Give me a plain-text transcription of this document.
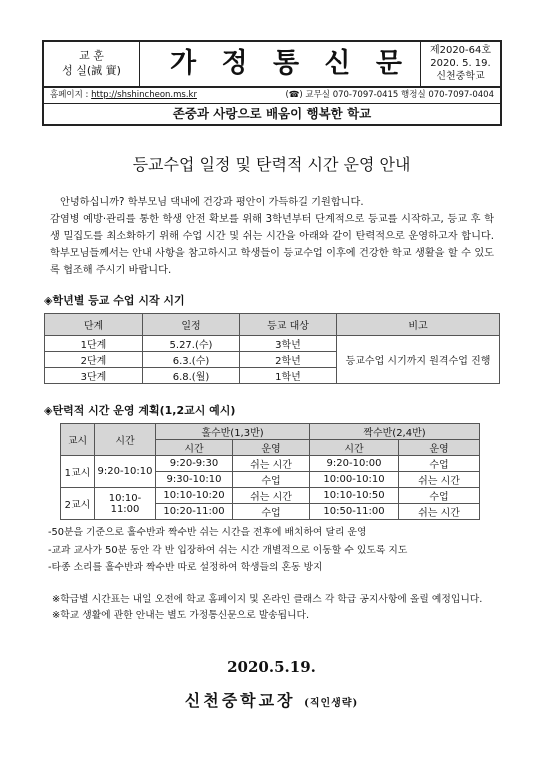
교 훈
성 실(誠 實)	가 정 통 신 문	제2020-64호
2020. 5. 19.
신천중학교
홈페이지 : http://shshincheon.ms.kr	(☎) 교무실 070-7097-0415 행정실 070-7097-0404
존중과 사랑으로 배움이 행복한 학교
등교수업 일정 및 탄력적 시간 운영 안내
안녕하십니까? 학부모님 댁내에 건강과 평안이 가득하길 기원합니다.
감염병 예방·관리를 통한 학생 안전 확보를 위해 3학년부터 단계적으로 등교를 시작하고, 등교 후 학생 밀집도를 최소화하기 위해 수업 시간 및 쉬는 시간을 아래와 같이 탄력적으로 운영하고자 합니다. 학부모님들께서는 안내 사항을 참고하시고 학생들이 등교수업 이후에 건강한 학교 생활을 할 수 있도록 협조해 주시기 바랍니다.
◈학년별 등교 수업 시작 시기
단계	일정	등교 대상	비고
1단계	5.27.(수)	3학년	등교수업 시기까지 원격수업 진행
2단계	6.3.(수)	2학년	
3단계	6.8.(월)	1학년	
◈탄력적 시간 운영 계획(1,2교시 예시)
교시	시간	홀수반(1,3반)		짝수반(2,4반)	
		시간	운영	시간	운영
1교시	9:20-10:10	9:20-9:30	쉬는 시간	9:20-10:00	수업
		9:30-10:10	수업	10:00-10:10	쉬는 시간
2교시	10:10-11:00	10:10-10:20	쉬는 시간	10:10-10:50	수업
		10:20-11:00	수업	10:50-11:00	쉬는 시간
-50분을 기준으로 홀수반과 짝수반 쉬는 시간을 전후에 배치하여 달리 운영
-교과 교사가 50분 동안 각 반 입장하여 쉬는 시간 개별적으로 이동할 수 있도록 지도
-타종 소리를 홀수반과 짝수반 따로 설정하여 학생들의 혼동 방지
※학급별 시간표는 내일 오전에 학교 홈페이지 및 온라인 클래스 각 학급 공지사항에 올릴 예정입니다.
※학교 생활에 관한 안내는 별도 가정통신문으로 발송됩니다.
2020.5.19.
신천중학교장 (직인생략)
